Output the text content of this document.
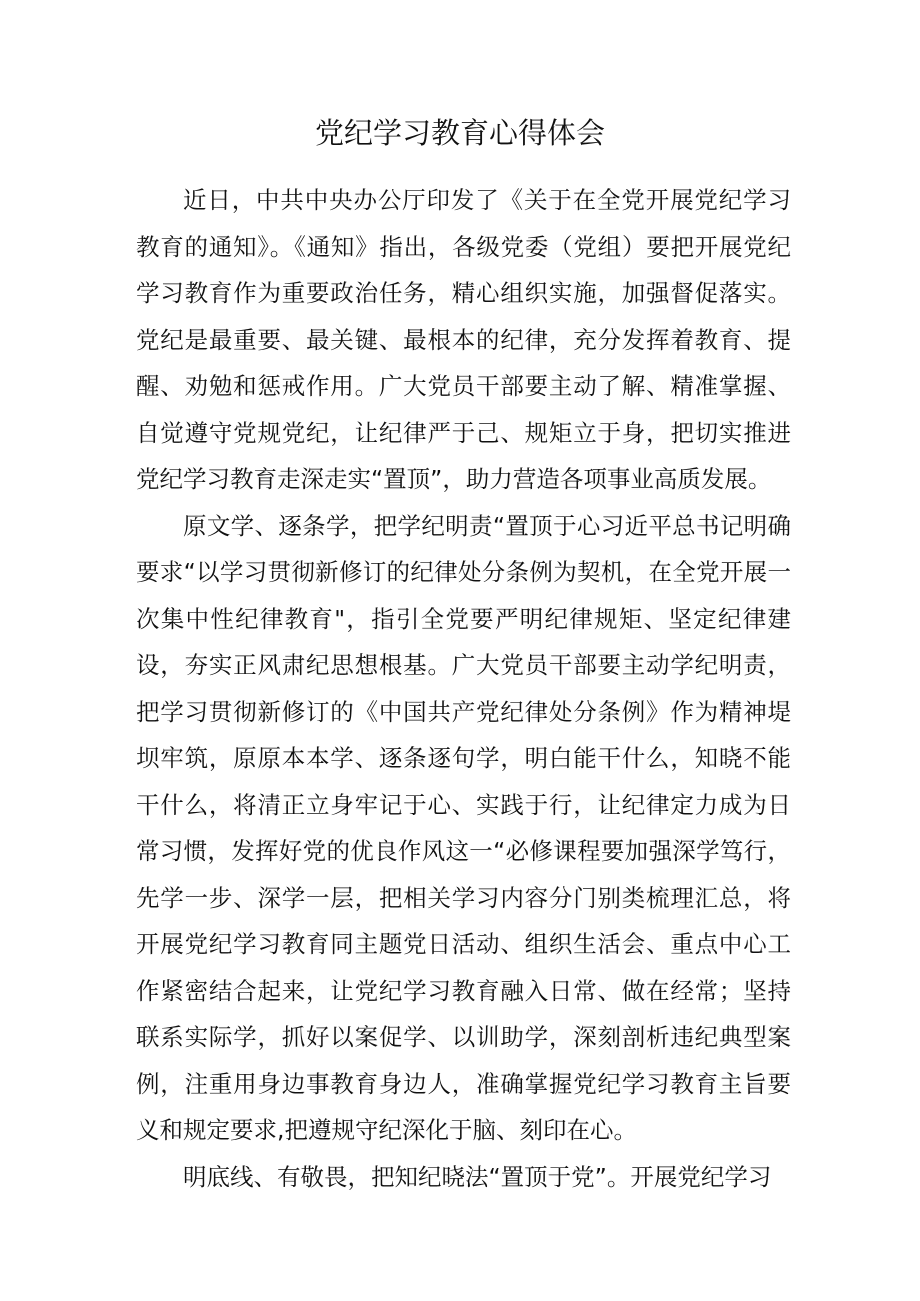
党纪学习教育心得体会

近日，中共中央办公厅印发了《关于在全党开展党纪学习教育的通知》。《通知》指出，各级党委（党组）要把开展党纪学习教育作为重要政治任务，精心组织实施，加强督促落实。党纪是最重要、最关键、最根本的纪律，充分发挥着教育、提醒、劝勉和惩戒作用。广大党员干部要主动了解、精准掌握、自觉遵守党规党纪，让纪律严于己、规矩立于身，把切实推进党纪学习教育走深走实“置顶”，助力营造各项事业高质发展。

原文学、逐条学，把学纪明责“置顶于心习近平总书记明确要求“以学习贯彻新修订的纪律处分条例为契机，在全党开展一次集中性纪律教育"，指引全党要严明纪律规矩、坚定纪律建设，夯实正风肃纪思想根基。广大党员干部要主动学纪明责，把学习贯彻新修订的《中国共产党纪律处分条例》作为精神堤坝牢筑，原原本本学、逐条逐句学，明白能干什么，知晓不能干什么，将清正立身牢记于心、实践于行，让纪律定力成为日常习惯，发挥好党的优良作风这一“必修课程要加强深学笃行，先学一步、深学一层，把相关学习内容分门别类梳理汇总，将开展党纪学习教育同主题党日活动、组织生活会、重点中心工作紧密结合起来，让党纪学习教育融入日常、做在经常；坚持联系实际学，抓好以案促学、以训助学，深刻剖析违纪典型案例，注重用身边事教育身边人，准确掌握党纪学习教育主旨要义和规定要求,把遵规守纪深化于脑、刻印在心。

明底线、有敬畏，把知纪晓法“置顶于党”。开展党纪学习
